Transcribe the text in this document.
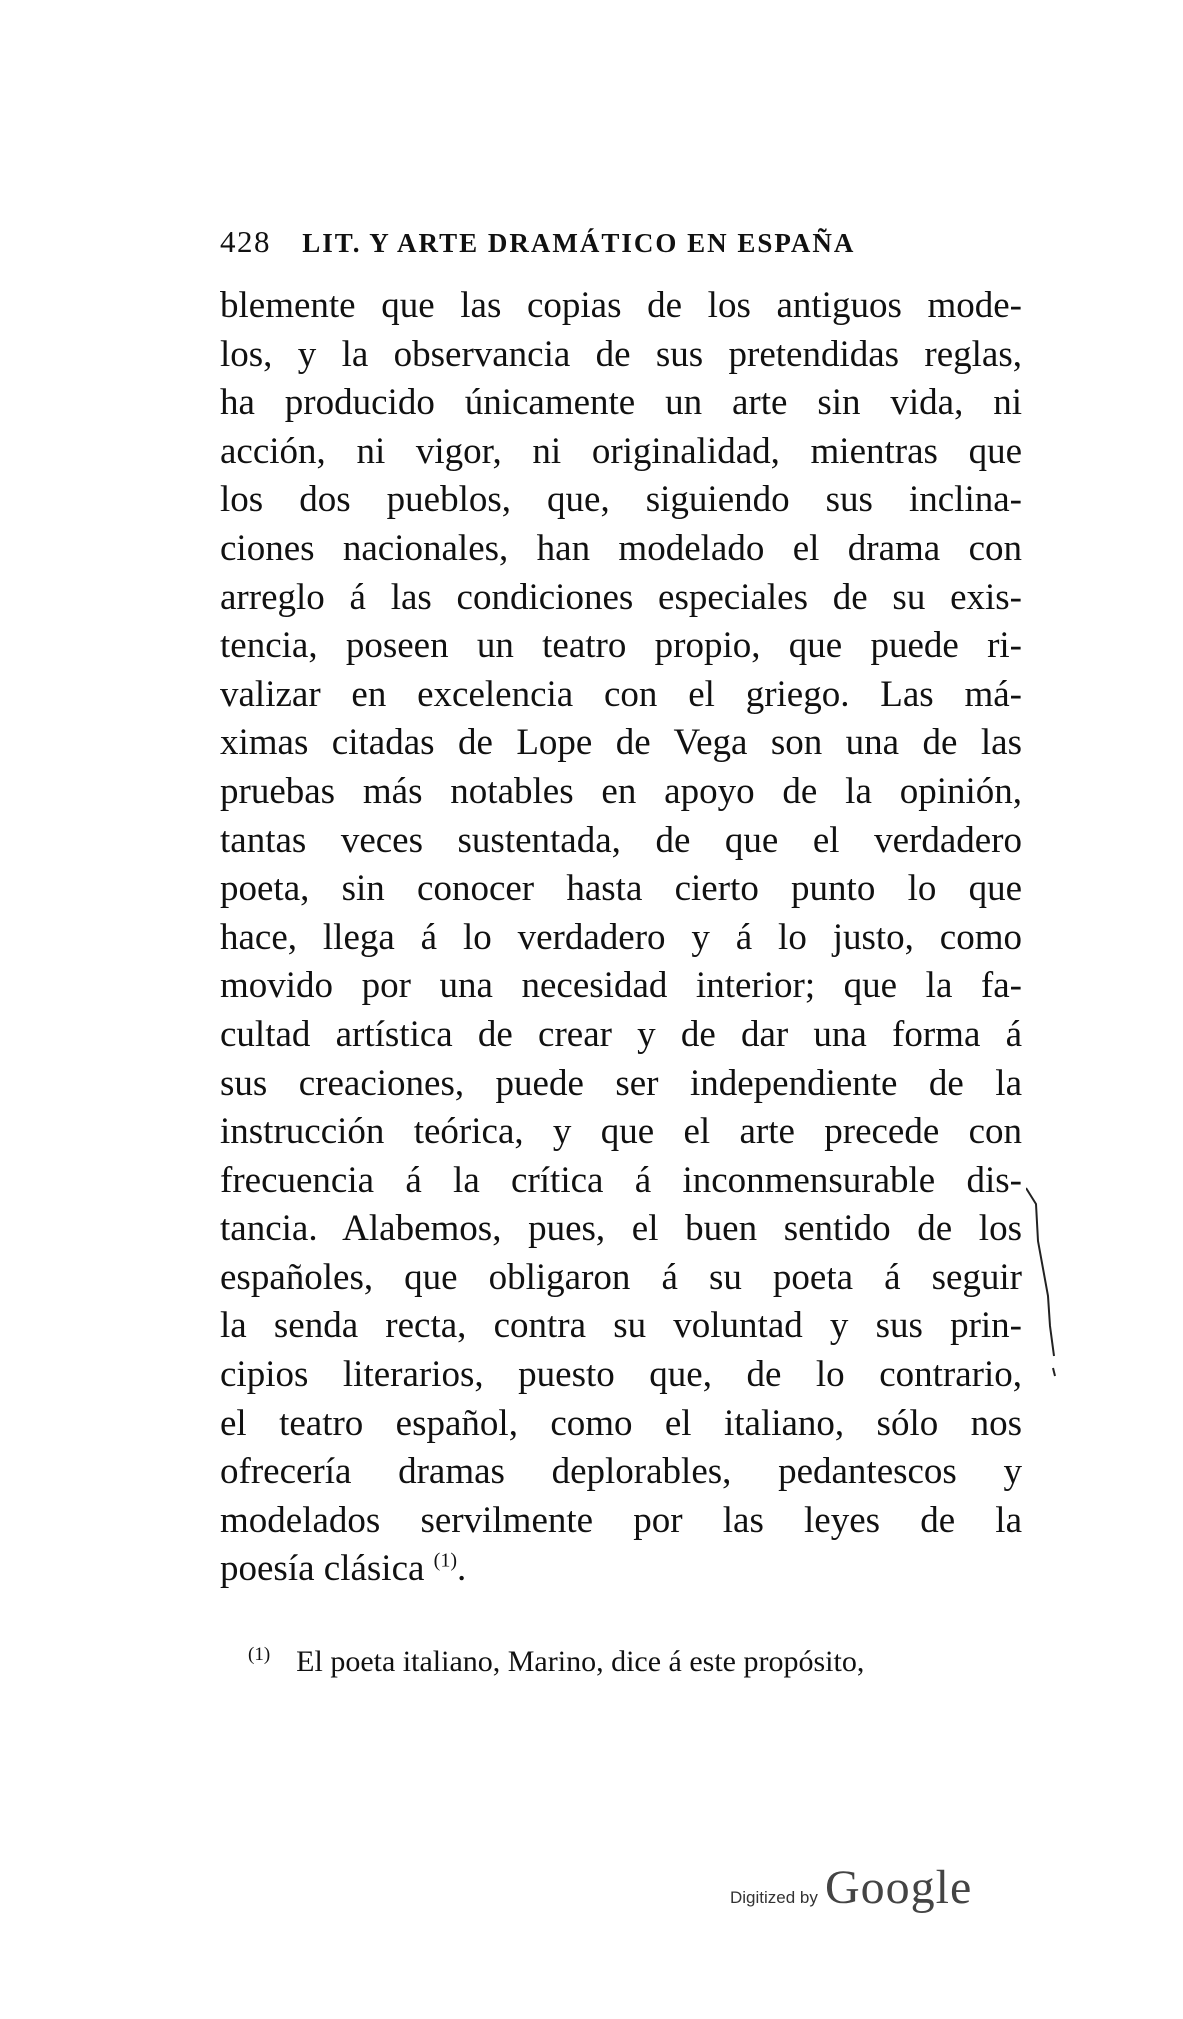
428 LIT. Y ARTE DRAMÁTICO EN ESPAÑA
blemente que las copias de los antiguos mode-
los, y la observancia de sus pretendidas reglas,
ha producido únicamente un arte sin vida, ni
acción, ni vigor, ni originalidad, mientras que
los dos pueblos, que, siguiendo sus inclina-
ciones nacionales, han modelado el drama con
arreglo á las condiciones especiales de su exis-
tencia, poseen un teatro propio, que puede ri-
valizar en excelencia con el griego. Las má-
ximas citadas de Lope de Vega son una de las
pruebas más notables en apoyo de la opinión,
tantas veces sustentada, de que el verdadero
poeta, sin conocer hasta cierto punto lo que
hace, llega á lo verdadero y á lo justo, como
movido por una necesidad interior; que la fa-
cultad artística de crear y de dar una forma á
sus creaciones, puede ser independiente de la
instrucción teórica, y que el arte precede con
frecuencia á la crítica á inconmensurable dis-
tancia. Alabemos, pues, el buen sentido de los
españoles, que obligaron á su poeta á seguir
la senda recta, contra su voluntad y sus prin-
cipios literarios, puesto que, de lo contrario,
el teatro español, como el italiano, sólo nos
ofrecería dramas deplorables, pedantescos y
modelados servilmente por las leyes de la
poesía clásica $^{(1)}$.
$^{(1)}$ El poeta italiano, Marino, dice á este propósito,
Digitized by Google
